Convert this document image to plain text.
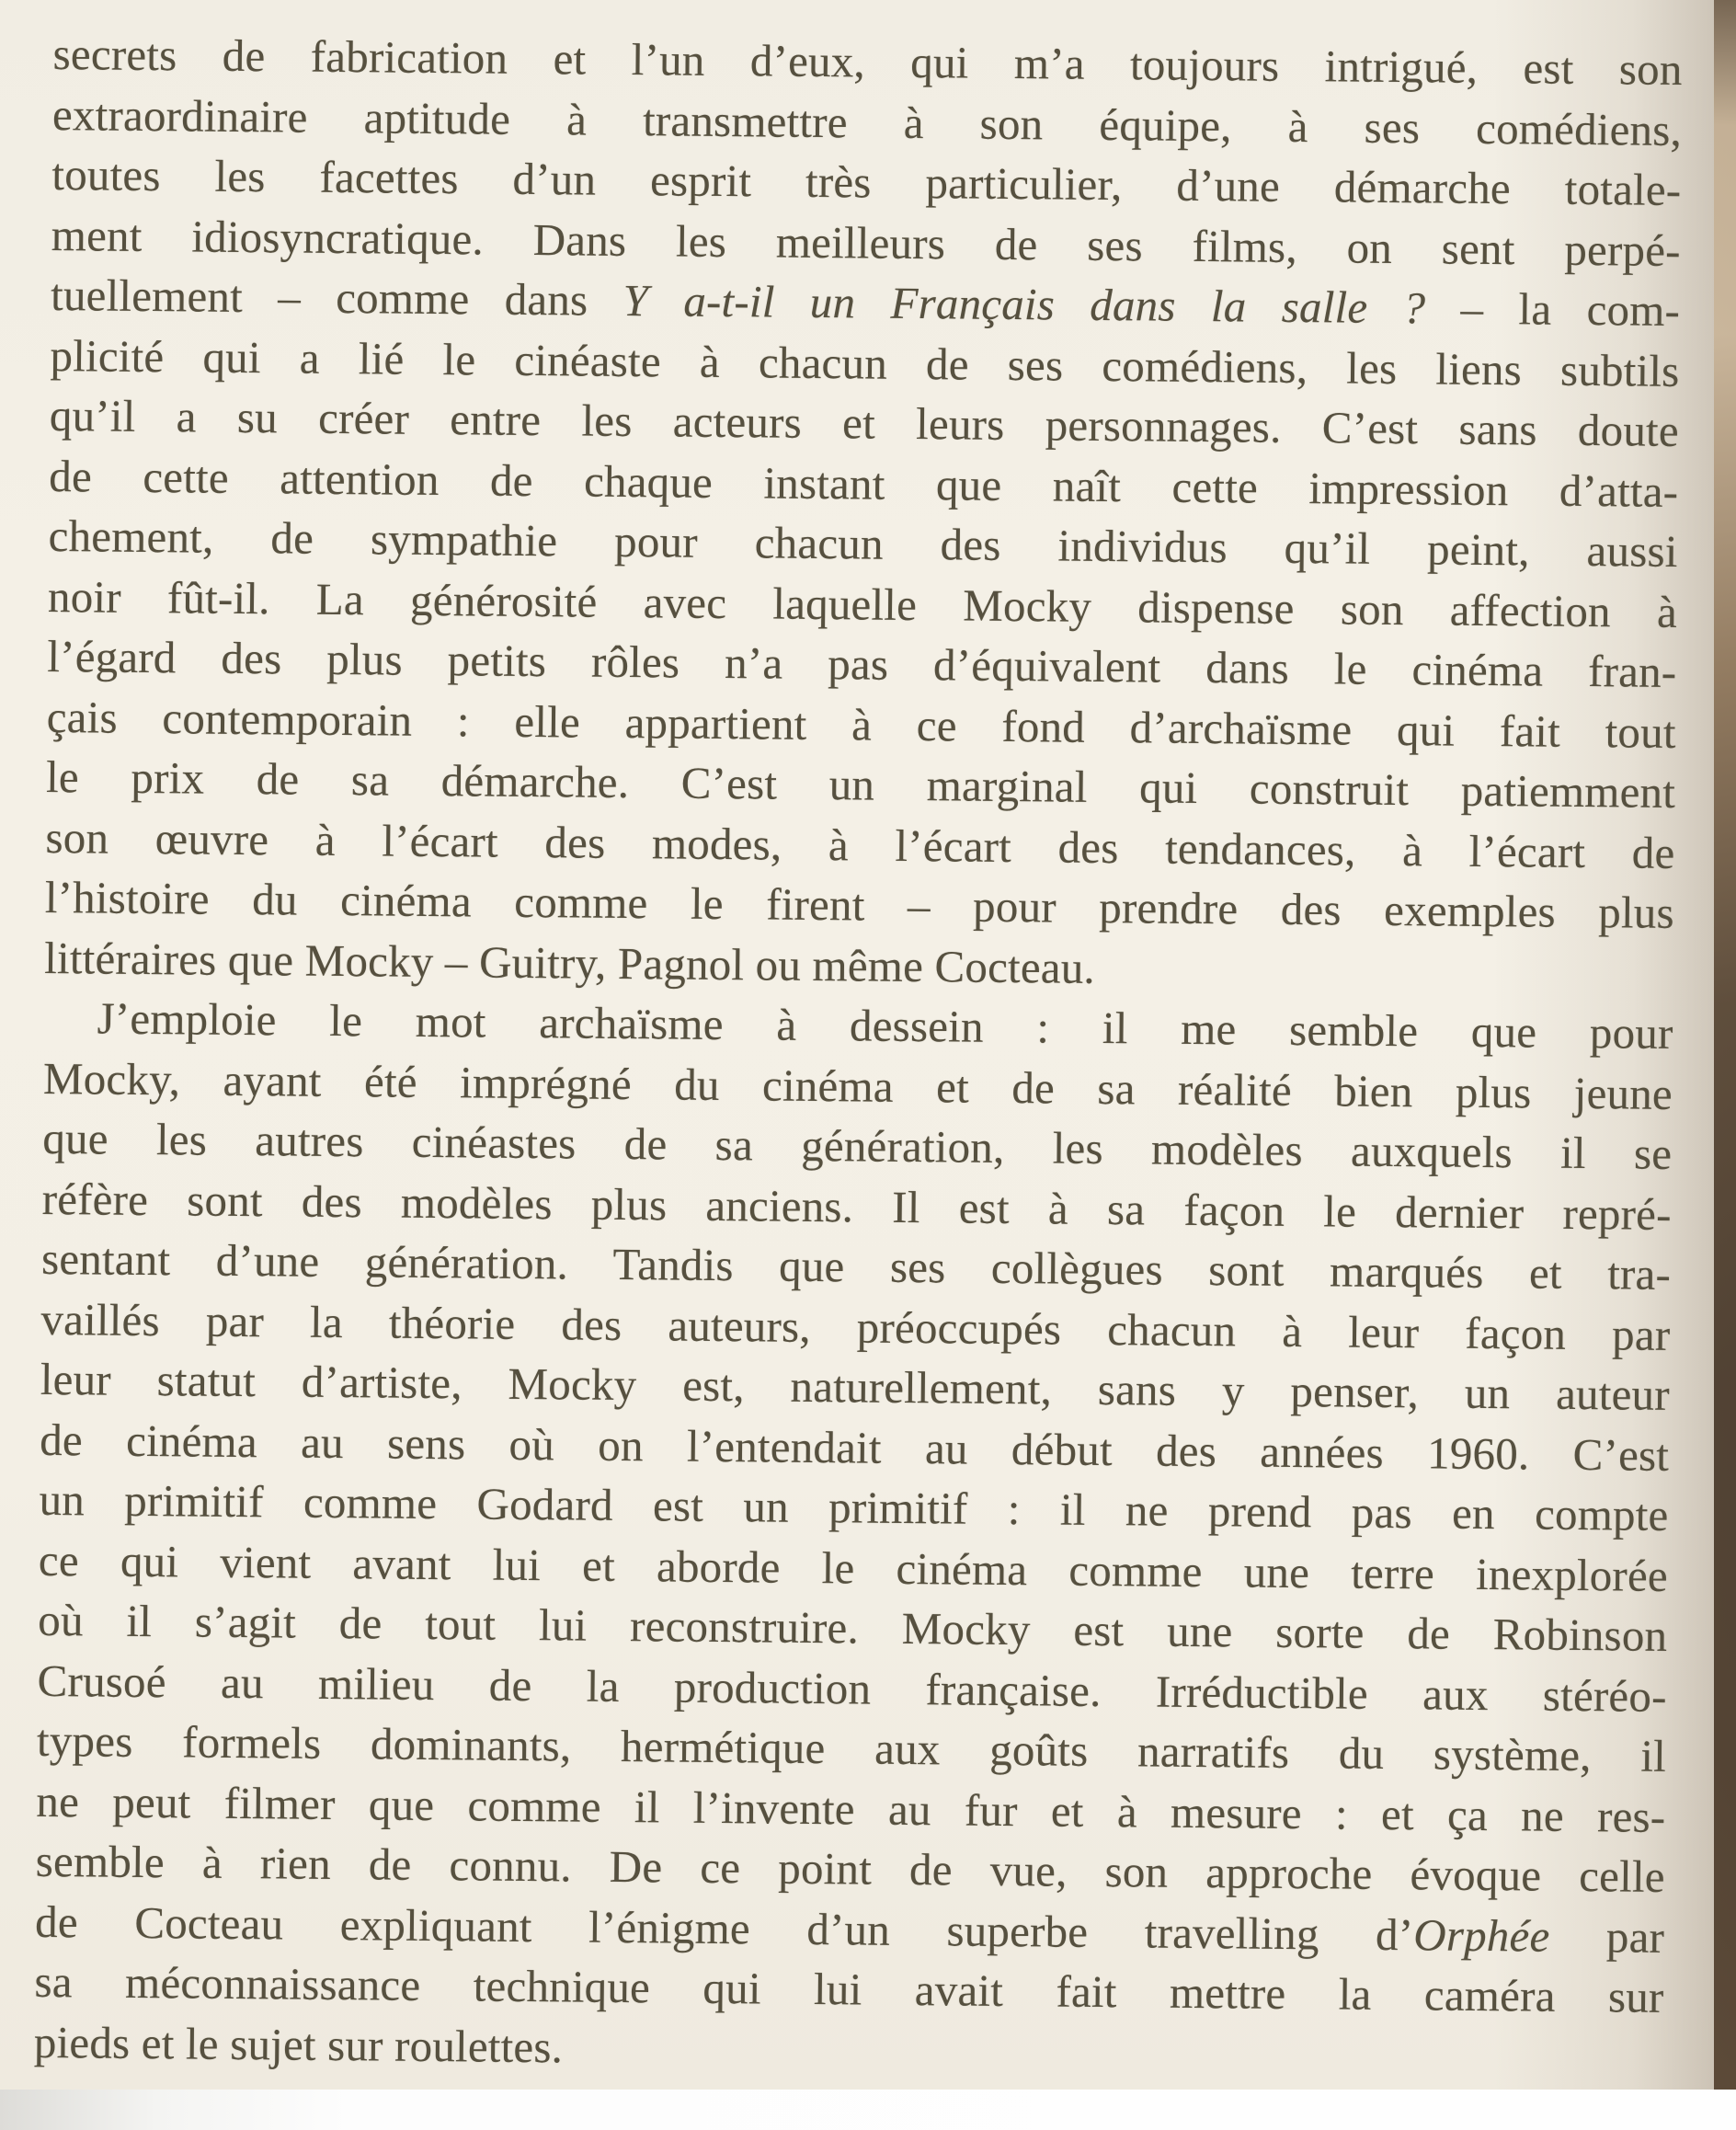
secrets de fabrication et l’un d’eux, qui m’a toujours intrigué, est son
extraordinaire aptitude à transmettre à son équipe, à ses comédiens,
toutes les facettes d’un esprit très particulier, d’une démarche totale-
ment idiosyncratique. Dans les meilleurs de ses films, on sent perpé-
tuellement – comme dans Y a-t-il un Français dans la salle ? – la com-
plicité qui a lié le cinéaste à chacun de ses comédiens, les liens subtils
qu’il a su créer entre les acteurs et leurs personnages. C’est sans doute
de cette attention de chaque instant que naît cette impression d’atta-
chement, de sympathie pour chacun des individus qu’il peint, aussi
noir fût-il. La générosité avec laquelle Mocky dispense son affection à
l’égard des plus petits rôles n’a pas d’équivalent dans le cinéma fran-
çais contemporain : elle appartient à ce fond d’archaïsme qui fait tout
le prix de sa démarche. C’est un marginal qui construit patiemment
son œuvre à l’écart des modes, à l’écart des tendances, à l’écart de
l’histoire du cinéma comme le firent – pour prendre des exemples plus
littéraires que Mocky – Guitry, Pagnol ou même Cocteau.
J’emploie le mot archaïsme à dessein : il me semble que pour
Mocky, ayant été imprégné du cinéma et de sa réalité bien plus jeune
que les autres cinéastes de sa génération, les modèles auxquels il se
réfère sont des modèles plus anciens. Il est à sa façon le dernier repré-
sentant d’une génération. Tandis que ses collègues sont marqués et tra-
vaillés par la théorie des auteurs, préoccupés chacun à leur façon par
leur statut d’artiste, Mocky est, naturellement, sans y penser, un auteur
de cinéma au sens où on l’entendait au début des années 1960. C’est
un primitif comme Godard est un primitif : il ne prend pas en compte
ce qui vient avant lui et aborde le cinéma comme une terre inexplorée
où il s’agit de tout lui reconstruire. Mocky est une sorte de Robinson
Crusoé au milieu de la production française. Irréductible aux stéréo-
types formels dominants, hermétique aux goûts narratifs du système, il
ne peut filmer que comme il l’invente au fur et à mesure : et ça ne res-
semble à rien de connu. De ce point de vue, son approche évoque celle
de Cocteau expliquant l’énigme d’un superbe travelling d’Orphée par
sa méconnaissance technique qui lui avait fait mettre la caméra sur
pieds et le sujet sur roulettes.
